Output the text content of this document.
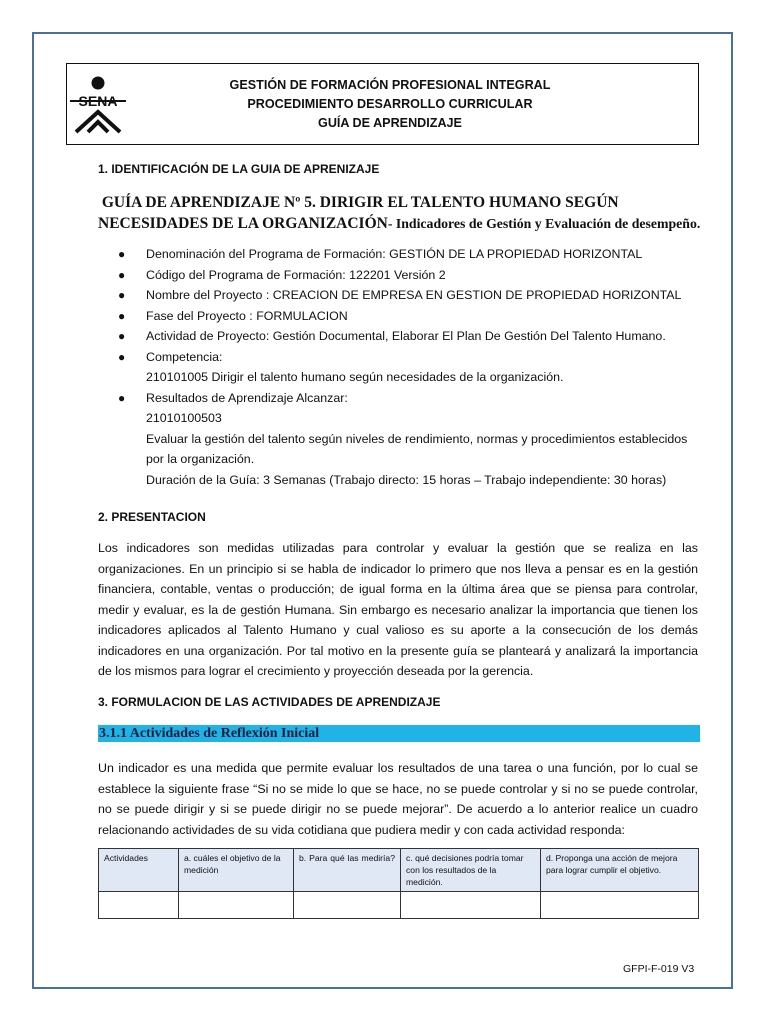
SENA
GESTIÓN DE FORMACIÓN PROFESIONAL INTEGRAL
PROCEDIMIENTO DESARROLLO CURRICULAR
GUÍA DE APRENDIZAJE
1. IDENTIFICACIÓN DE LA GUIA DE APRENIZAJE
GUÍA DE APRENDIZAJE Nº 5. DIRIGIR EL TALENTO HUMANO SEGÚN NECESIDADES DE LA ORGANIZACIÓN- Indicadores de Gestión y Evaluación de desempeño.
● Denominación del Programa de Formación: GESTIÓN DE LA PROPIEDAD HORIZONTAL
● Código del Programa de Formación: 122201 Versión 2
● Nombre del Proyecto : CREACION DE EMPRESA EN GESTION DE PROPIEDAD HORIZONTAL
● Fase del Proyecto : FORMULACION
● Actividad de Proyecto: Gestión Documental, Elaborar El Plan De Gestión Del Talento Humano.
● Competencia:
210101005 Dirigir el talento humano según necesidades de la organización.
● Resultados de Aprendizaje Alcanzar:
21010100503
Evaluar la gestión del talento según niveles de rendimiento, normas y procedimientos establecidos por la organización.
Duración de la Guía: 3 Semanas (Trabajo directo: 15 horas – Trabajo independiente: 30 horas)
2. PRESENTACION
Los indicadores son medidas utilizadas para controlar y evaluar la gestión que se realiza en las organizaciones. En un principio si se habla de indicador lo primero que nos lleva a pensar es en la gestión financiera, contable, ventas o producción; de igual forma en la última área que se piensa para controlar, medir y evaluar, es la de gestión Humana. Sin embargo es necesario analizar la importancia que tienen los indicadores aplicados al Talento Humano y cual valioso es su aporte a la consecución de los demás indicadores en una organización. Por tal motivo en la presente guía se planteará y analizará la importancia de los mismos para lograr el crecimiento y proyección deseada por la gerencia.
3. FORMULACION DE LAS ACTIVIDADES DE APRENDIZAJE
3.1.1 Actividades de Reflexión Inicial
Un indicador es una medida que permite evaluar los resultados de una tarea o una función, por lo cual se establece la siguiente frase “Si no se mide lo que se hace, no se puede controlar y si no se puede controlar, no se puede dirigir y si se puede dirigir no se puede mejorar”. De acuerdo a lo anterior realice un cuadro relacionando actividades de su vida cotidiana que pudiera medir y con cada actividad responda:
Actividades	a. cuáles el objetivo de la medición	b. Para qué las mediría?	c. qué decisiones podría tomar con los resultados de la medición.	d. Proponga una acción de mejora para lograr cumplir el objetivo.

GFPI-F-019 V3
